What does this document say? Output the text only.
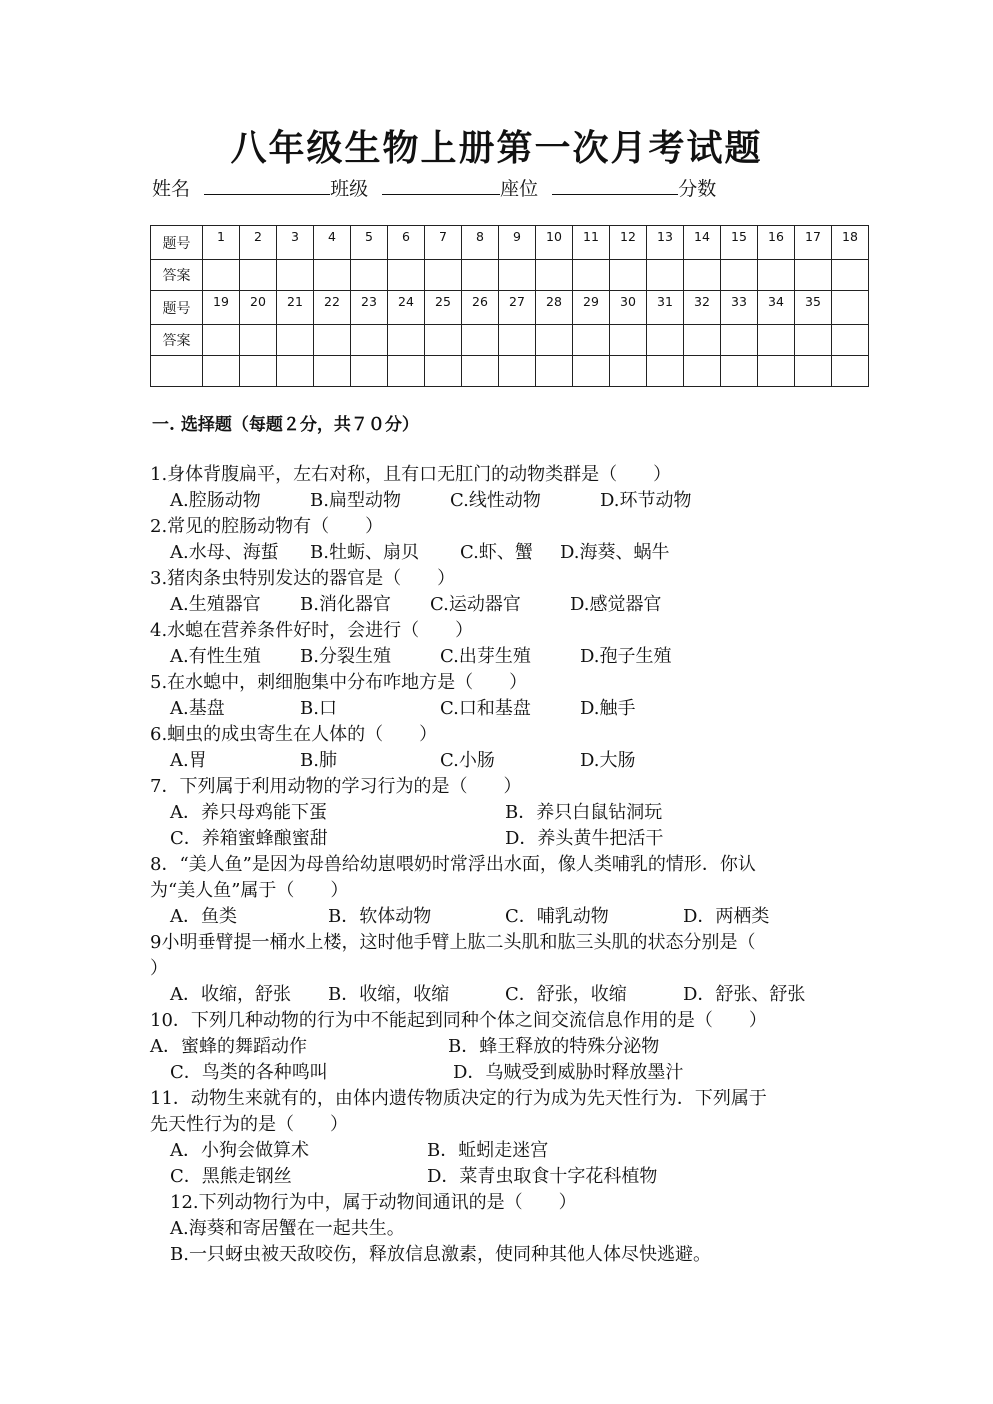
八年级生物上册第一次月考试题
姓名	班级	座位	分数
题号	1	2	3	4	5	6	7	8	9	10	11	12	13	14	15	16	17	18
答案																		
题号	19	20	21	22	23	24	25	26	27	28	29	30	31	32	33	34	35	
答案																		

一. 选择题（每题２分，共７０分）
1.身体背腹扁平，左右对称，且有口无肛门的动物类群是（　　）
A.腔肠动物	B.扁型动物	C.线性动物	D.环节动物
2.常见的腔肠动物有（　　）
A.水母、海蜇 B.牡蛎、扇贝 C.虾、蟹 D.海葵、蜗牛
3.猪肉条虫特别发达的器官是（　　）
A.生殖器官 B.消化器官 C.运动器官	D.感觉器官
4.水螅在营养条件好时，会进行（　　）
A.有性生殖 B.分裂生殖	C.出芽生殖	D.孢子生殖
5.在水螅中，刺细胞集中分布咋地方是（　　）
A.基盘	B.口	C.口和基盘	D.触手
6.蛔虫的成虫寄生在人体的（　　）
A.胃	B.肺	C.小肠	D.大肠
7．下列属于利用动物的学习行为的是（　　）
A．养只母鸡能下蛋	B．养只白鼠钻洞玩
C．养箱蜜蜂酿蜜甜	D．养头黄牛把活干
8．“美人鱼”是因为母兽给幼崽喂奶时常浮出水面，像人类哺乳的情形．你认
为“美人鱼”属于（　　）
A．鱼类	B．软体动物	C．哺乳动物	D．两栖类
9小明垂臂提一桶水上楼，这时他手臂上肱二头肌和肱三头肌的状态分别是（
）
A．收缩，舒张 B．收缩，收缩	C．舒张，收缩	D．舒张、舒张
10．下列几种动物的行为中不能起到同种个体之间交流信息作用的是（　　）
A．蜜蜂的舞蹈动作	B．蜂王释放的特殊分泌物
C．鸟类的各种鸣叫	D．乌贼受到威胁时释放墨汁
11．动物生来就有的，由体内遗传物质决定的行为成为先天性行为．下列属于
先天性行为的是（　　）
A．小狗会做算术	B．蚯蚓走迷宫
C．黑熊走钢丝	D．菜青虫取食十字花科植物
12.下列动物行为中，属于动物间通讯的是（　　）
A.海葵和寄居蟹在一起共生。
B.一只蚜虫被天敌咬伤，释放信息激素，使同种其他人体尽快逃避。
